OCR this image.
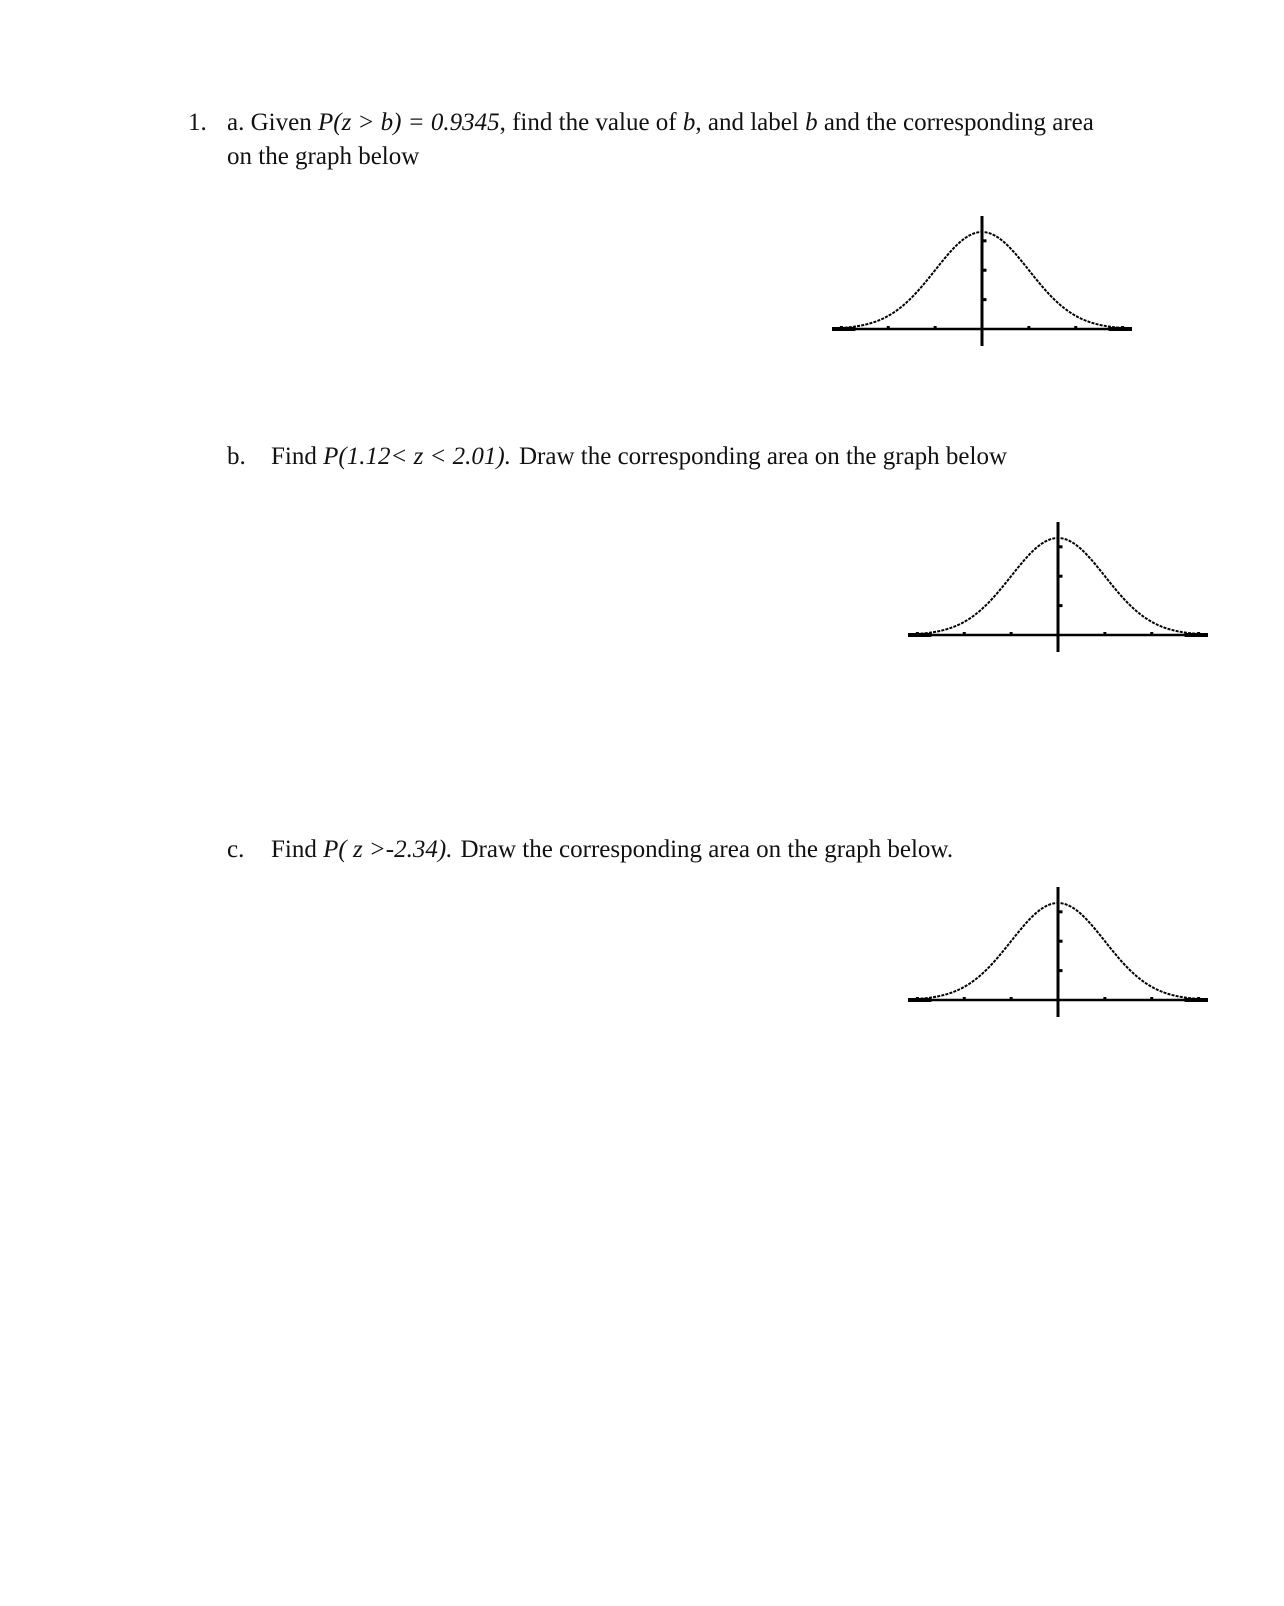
1. a. Given P(z > b) = 0.9345, find the value of b, and label b and the corresponding area
on the graph below
b. Find P(1.12< z < 2.01). Draw the corresponding area on the graph below
c. Find P( z >-2.34). Draw the corresponding area on the graph below.
